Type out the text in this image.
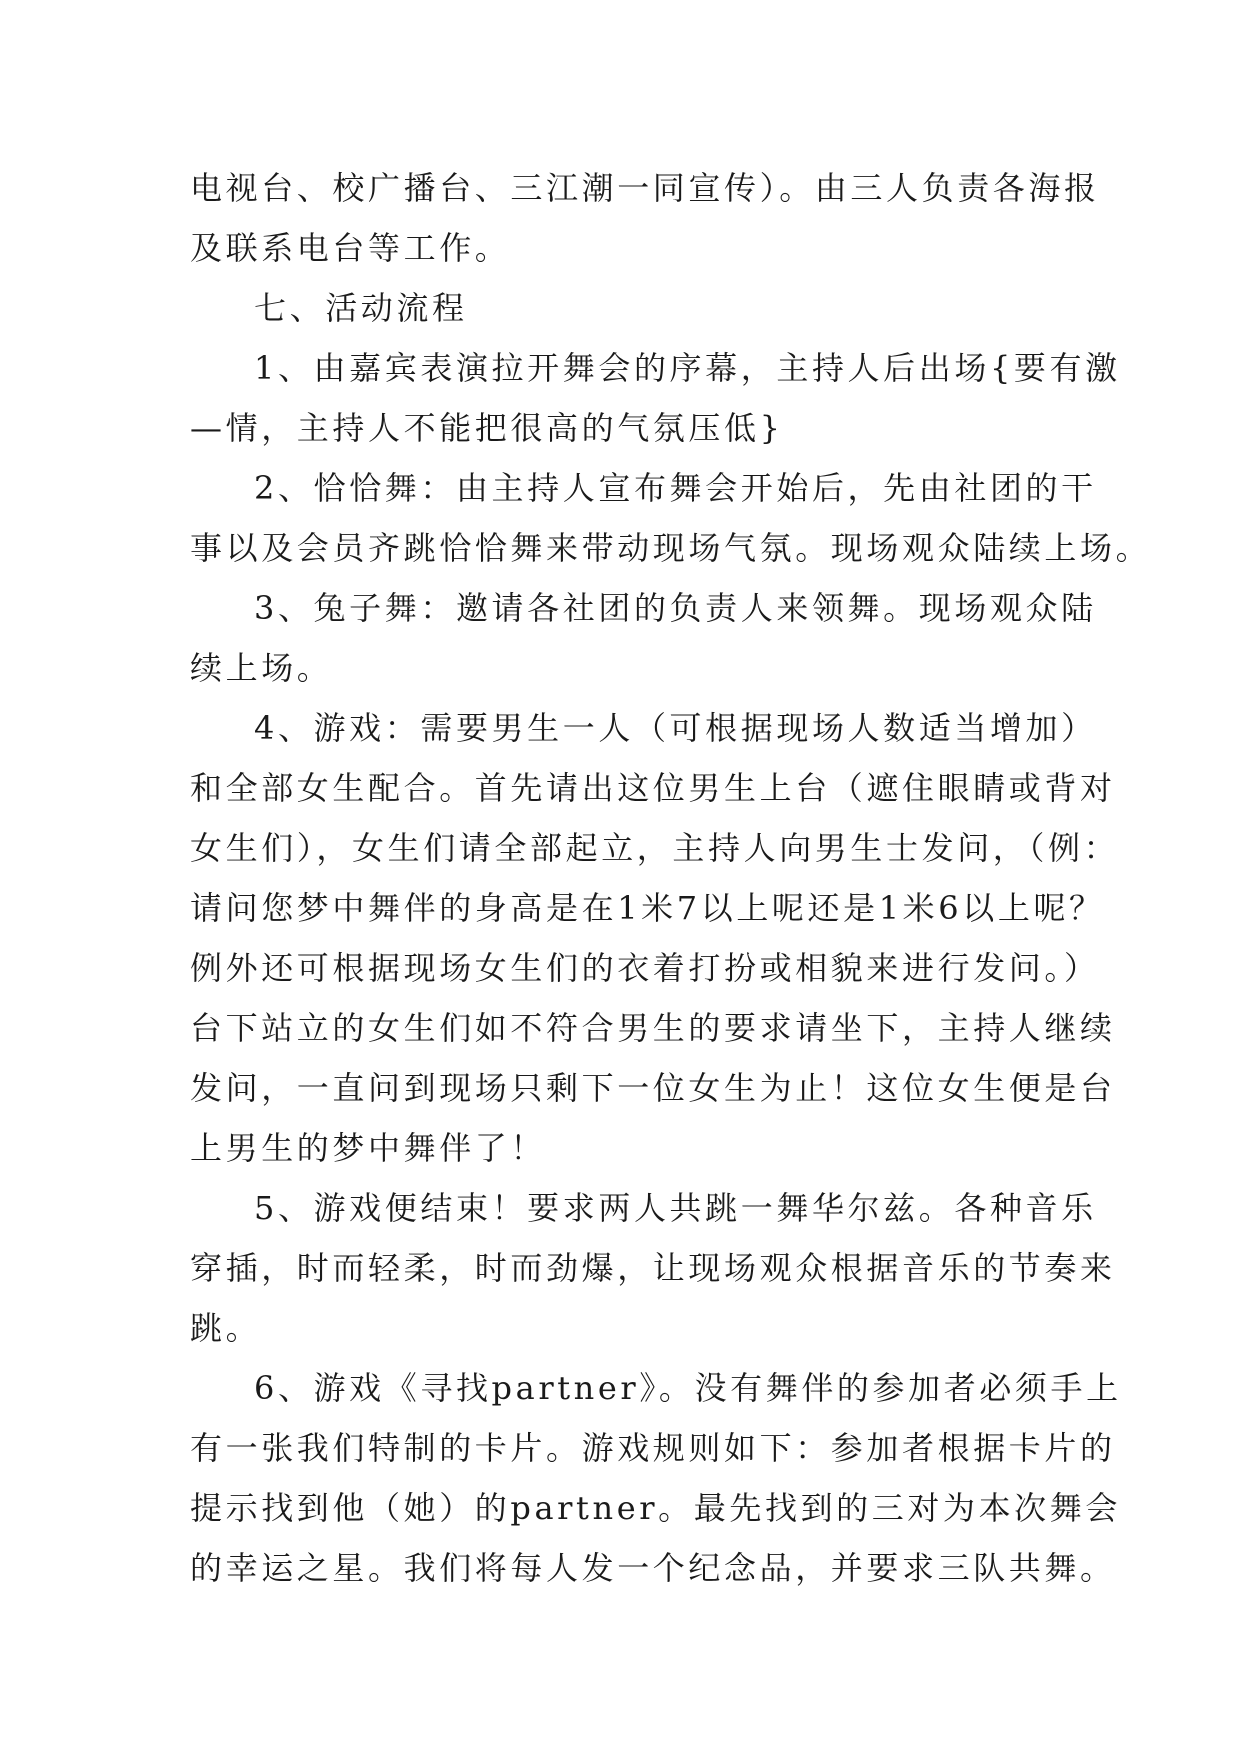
电视台、校广播台、三江潮一同宣传）。由三人负责各海报
及联系电台等工作。
七、活动流程
1、由嘉宾表演拉开舞会的序幕，主持人后出场{要有激
—情，主持人不能把很高的气氛压低}
2、恰恰舞：由主持人宣布舞会开始后，先由社团的干
事以及会员齐跳恰恰舞来带动现场气氛。现场观众陆续上场。
3、兔子舞：邀请各社团的负责人来领舞。现场观众陆
续上场。
4、游戏：需要男生一人（可根据现场人数适当增加）
和全部女生配合。首先请出这位男生上台（遮住眼睛或背对
女生们），女生们请全部起立，主持人向男生士发问，（例：
请问您梦中舞伴的身高是在1米7以上呢还是1米6以上呢？
例外还可根据现场女生们的衣着打扮或相貌来进行发问。）
台下站立的女生们如不符合男生的要求请坐下，主持人继续
发问，一直问到现场只剩下一位女生为止！这位女生便是台
上男生的梦中舞伴了！
5、游戏便结束！要求两人共跳一舞华尔兹。各种音乐
穿插，时而轻柔，时而劲爆，让现场观众根据音乐的节奏来
跳。
6、游戏《寻找partner》。没有舞伴的参加者必须手上
有一张我们特制的卡片。游戏规则如下：参加者根据卡片的
提示找到他（她）的partner。最先找到的三对为本次舞会
的幸运之星。我们将每人发一个纪念品，并要求三队共舞。
